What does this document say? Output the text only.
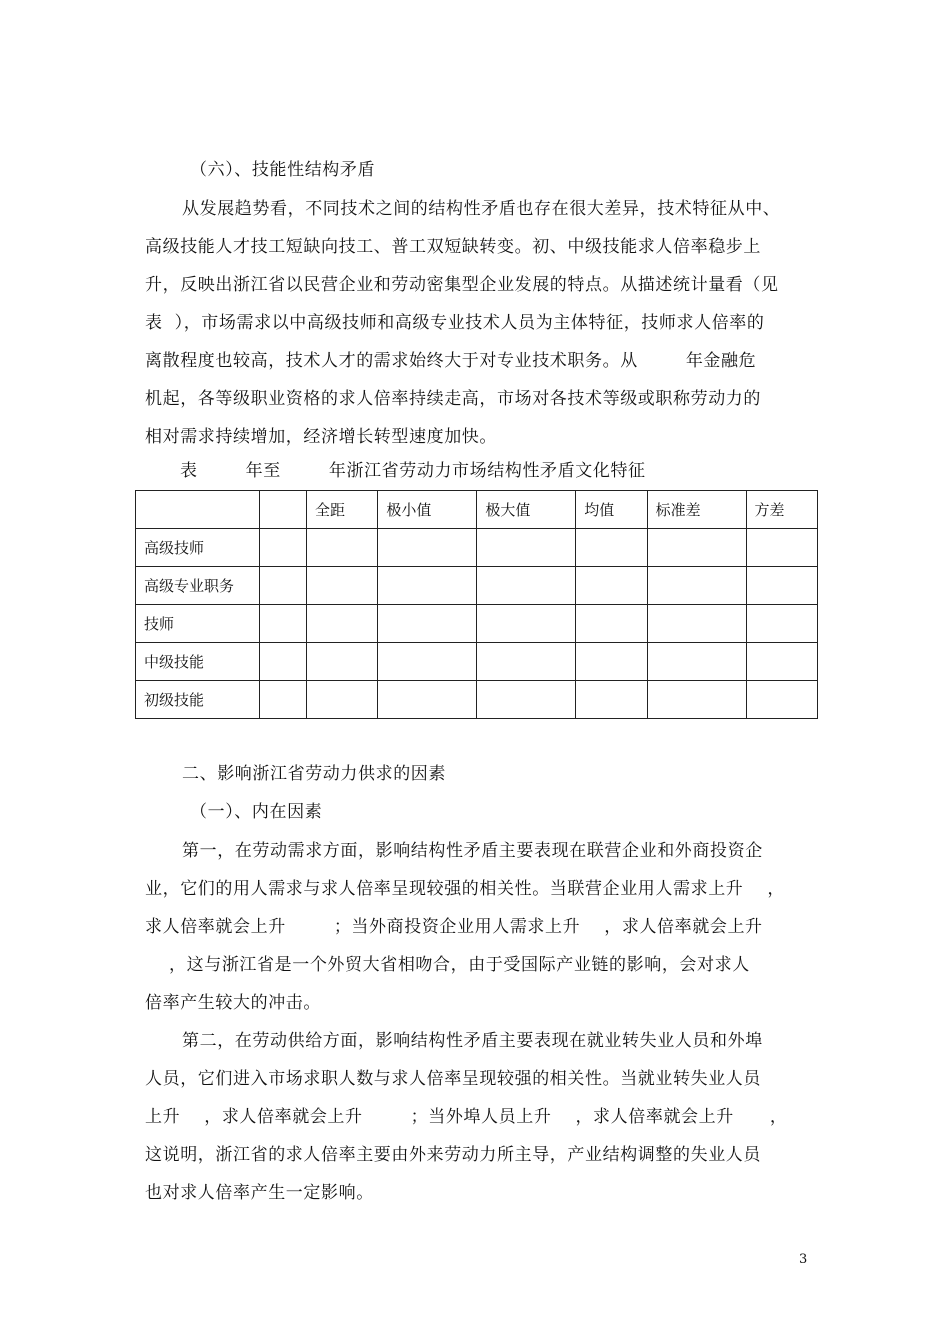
（六）、技能性结构矛盾
从发展趋势看，不同技术之间的结构性矛盾也存在很大差异，技术特征从中、
高级技能人才技工短缺向技工、普工双短缺转变。初、中级技能求人倍率稳步上
升，反映出浙江省以民营企业和劳动密集型企业发展的特点。从描述统计量看（见
表  ），市场需求以中高级技师和高级专业技术人员为主体特征，技师求人倍率的
离散程度也较高，技术人才的需求始终大于对专业技术职务。从        年金融危
机起，各等级职业资格的求人倍率持续走高，市场对各技术等级或职称劳动力的
相对需求持续增加，经济增长转型速度加快。
表        年至        年浙江省劳动力市场结构性矛盾文化特征
		全距	极小值	极大值	均值	标准差	方差
高级技师							
高级专业职务							
技师							
中级技能							
初级技能							
二、影响浙江省劳动力供求的因素
（一）、内在因素
第一，在劳动需求方面，影响结构性矛盾主要表现在联营企业和外商投资企
业，它们的用人需求与求人倍率呈现较强的相关性。当联营企业用人需求上升    ，
求人倍率就会上升        ；当外商投资企业用人需求上升    ，求人倍率就会上升
，这与浙江省是一个外贸大省相吻合，由于受国际产业链的影响，会对求人
倍率产生较大的冲击。
第二，在劳动供给方面，影响结构性矛盾主要表现在就业转失业人员和外埠
人员，它们进入市场求职人数与求人倍率呈现较强的相关性。当就业转失业人员
上升    ，求人倍率就会上升        ；当外埠人员上升    ，求人倍率就会上升      ，
这说明，浙江省的求人倍率主要由外来劳动力所主导，产业结构调整的失业人员
也对求人倍率产生一定影响。
3
